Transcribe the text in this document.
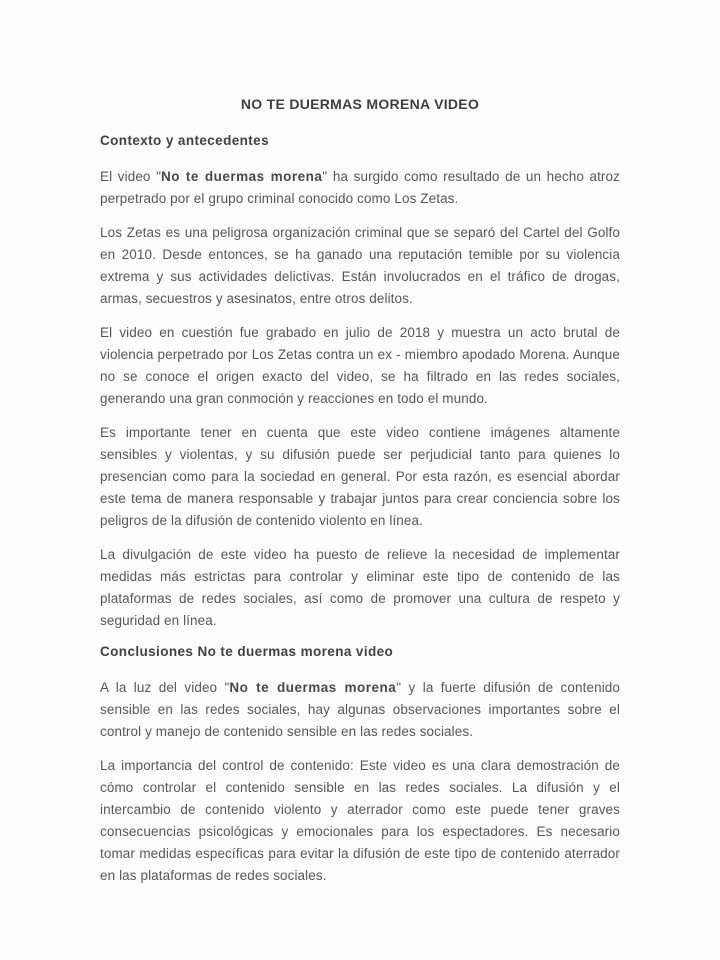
NO TE DUERMAS MORENA VIDEO
Contexto y antecedentes

El video "No te duermas morena" ha surgido como resultado de un hecho atroz perpetrado por el grupo criminal conocido como Los Zetas.

Los Zetas es una peligrosa organización criminal que se separó del Cartel del Golfo en 2010. Desde entonces, se ha ganado una reputación temible por su violencia extrema y sus actividades delictivas. Están involucrados en el tráfico de drogas, armas, secuestros y asesinatos, entre otros delitos.

El video en cuestión fue grabado en julio de 2018 y muestra un acto brutal de violencia perpetrado por Los Zetas contra un ex - miembro apodado Morena. Aunque no se conoce el origen exacto del video, se ha filtrado en las redes sociales, generando una gran conmoción y reacciones en todo el mundo.

Es importante tener en cuenta que este video contiene imágenes altamente sensibles y violentas, y su difusión puede ser perjudicial tanto para quienes lo presencian como para la sociedad en general. Por esta razón, es esencial abordar este tema de manera responsable y trabajar juntos para crear conciencia sobre los peligros de la difusión de contenido violento en línea.

La divulgación de este video ha puesto de relieve la necesidad de implementar medidas más estrictas para controlar y eliminar este tipo de contenido de las plataformas de redes sociales, así como de promover una cultura de respeto y seguridad en línea.

Conclusiones No te duermas morena video

A la luz del video "No te duermas morena" y la fuerte difusión de contenido sensible en las redes sociales, hay algunas observaciones importantes sobre el control y manejo de contenido sensible en las redes sociales.

La importancia del control de contenido: Este video es una clara demostración de cómo controlar el contenido sensible en las redes sociales. La difusión y el intercambio de contenido violento y aterrador como este puede tener graves consecuencias psicológicas y emocionales para los espectadores. Es necesario tomar medidas específicas para evitar la difusión de este tipo de contenido aterrador en las plataformas de redes sociales.
